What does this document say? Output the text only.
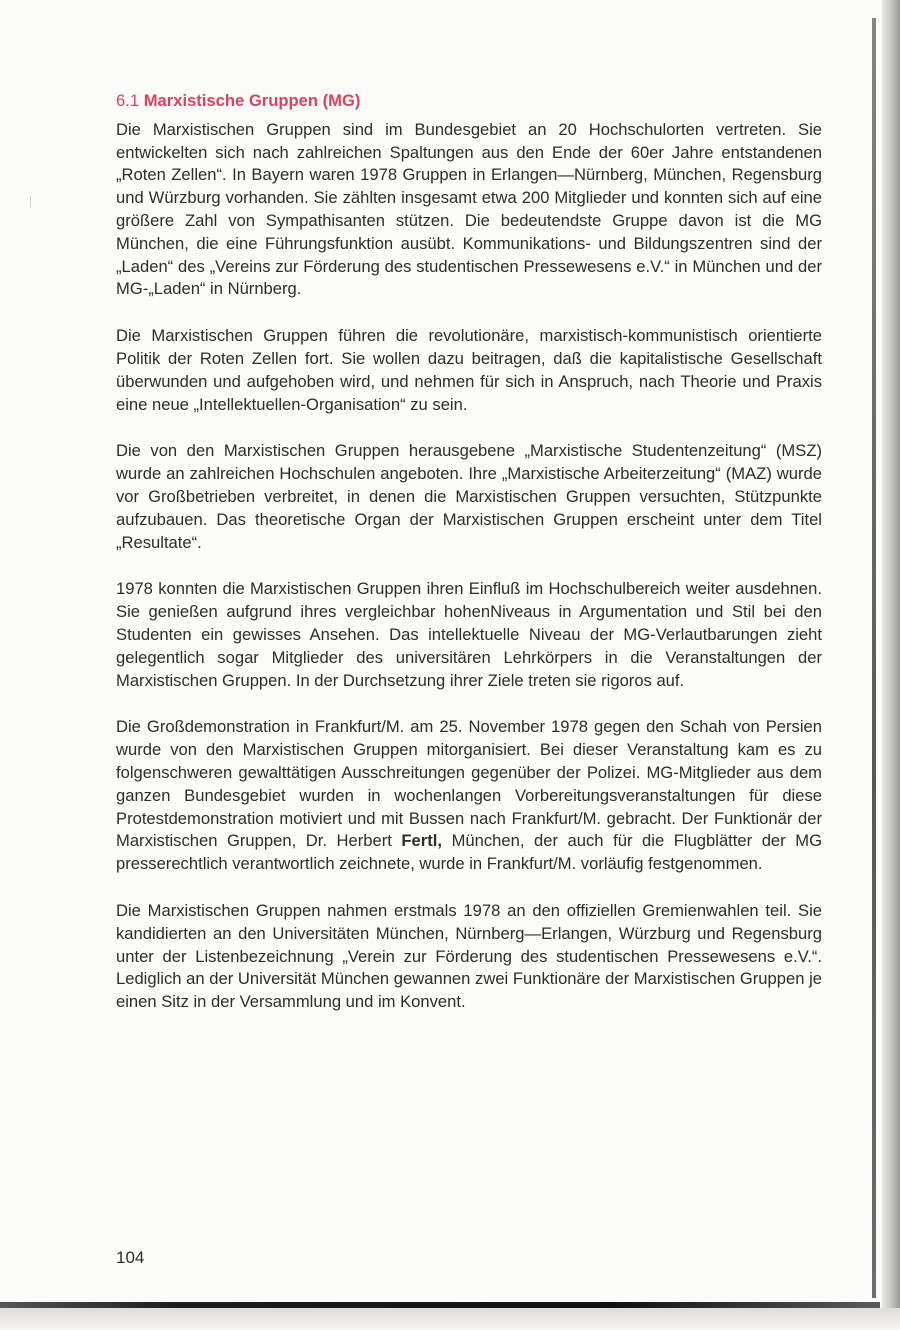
6.1 Marxistische Gruppen (MG)

Die Marxistischen Gruppen sind im Bundesgebiet an 20 Hochschulorten vertreten. Sie entwickelten sich nach zahlreichen Spaltungen aus den Ende der 60er Jahre entstandenen „Roten Zellen“. In Bayern waren 1978 Gruppen in Erlangen—Nürnberg, München, Regensburg und Würzburg vorhanden. Sie zählten insgesamt etwa 200 Mitglieder und konnten sich auf eine größere Zahl von Sympathisanten stützen. Die bedeutendste Gruppe davon ist die MG München, die eine Führungsfunktion ausübt. Kommunikations- und Bildungszentren sind der „Laden“ des „Vereins zur Förderung des studentischen Pressewesens e.V.“ in München und der MG-„Laden“ in Nürnberg.

Die Marxistischen Gruppen führen die revolutionäre, marxistisch-kommunistisch orientierte Politik der Roten Zellen fort. Sie wollen dazu beitragen, daß die kapitalistische Gesellschaft überwunden und aufgehoben wird, und nehmen für sich in Anspruch, nach Theorie und Praxis eine neue „Intellektuellen-Organisation“ zu sein.

Die von den Marxistischen Gruppen herausgebene „Marxistische Studentenzeitung“ (MSZ) wurde an zahlreichen Hochschulen angeboten. Ihre „Marxistische Arbeiterzeitung“ (MAZ) wurde vor Großbetrieben verbreitet, in denen die Marxistischen Gruppen versuchten, Stützpunkte aufzubauen. Das theoretische Organ der Marxistischen Gruppen erscheint unter dem Titel „Resultate“.

1978 konnten die Marxistischen Gruppen ihren Einfluß im Hochschulbereich weiter ausdehnen. Sie genießen aufgrund ihres vergleichbar hohenNiveaus in Argumentation und Stil bei den Studenten ein gewisses Ansehen. Das intellektuelle Niveau der MG-Verlautbarungen zieht gelegentlich sogar Mitglieder des universitären Lehrkörpers in die Veranstaltungen der Marxistischen Gruppen. In der Durchsetzung ihrer Ziele treten sie rigoros auf.

Die Großdemonstration in Frankfurt/M. am 25. November 1978 gegen den Schah von Persien wurde von den Marxistischen Gruppen mitorganisiert. Bei dieser Veranstaltung kam es zu folgenschweren gewalttätigen Ausschreitungen gegenüber der Polizei. MG-Mitglieder aus dem ganzen Bundesgebiet wurden in wochenlangen Vorbereitungsveranstaltungen für diese Protestdemonstration motiviert und mit Bussen nach Frankfurt/M. gebracht. Der Funktionär der Marxistischen Gruppen, Dr. Herbert Fertl, München, der auch für die Flugblätter der MG presserechtlich verantwortlich zeichnete, wurde in Frankfurt/M. vorläufig festgenommen.

Die Marxistischen Gruppen nahmen erstmals 1978 an den offiziellen Gremienwahlen teil. Sie kandidierten an den Universitäten München, Nürnberg—Erlangen, Würzburg und Regensburg unter der Listenbezeichnung „Verein zur Förderung des studentischen Pressewesens e.V.“. Lediglich an der Universität München gewannen zwei Funktionäre der Marxistischen Gruppen je einen Sitz in der Versammlung und im Konvent.

104
